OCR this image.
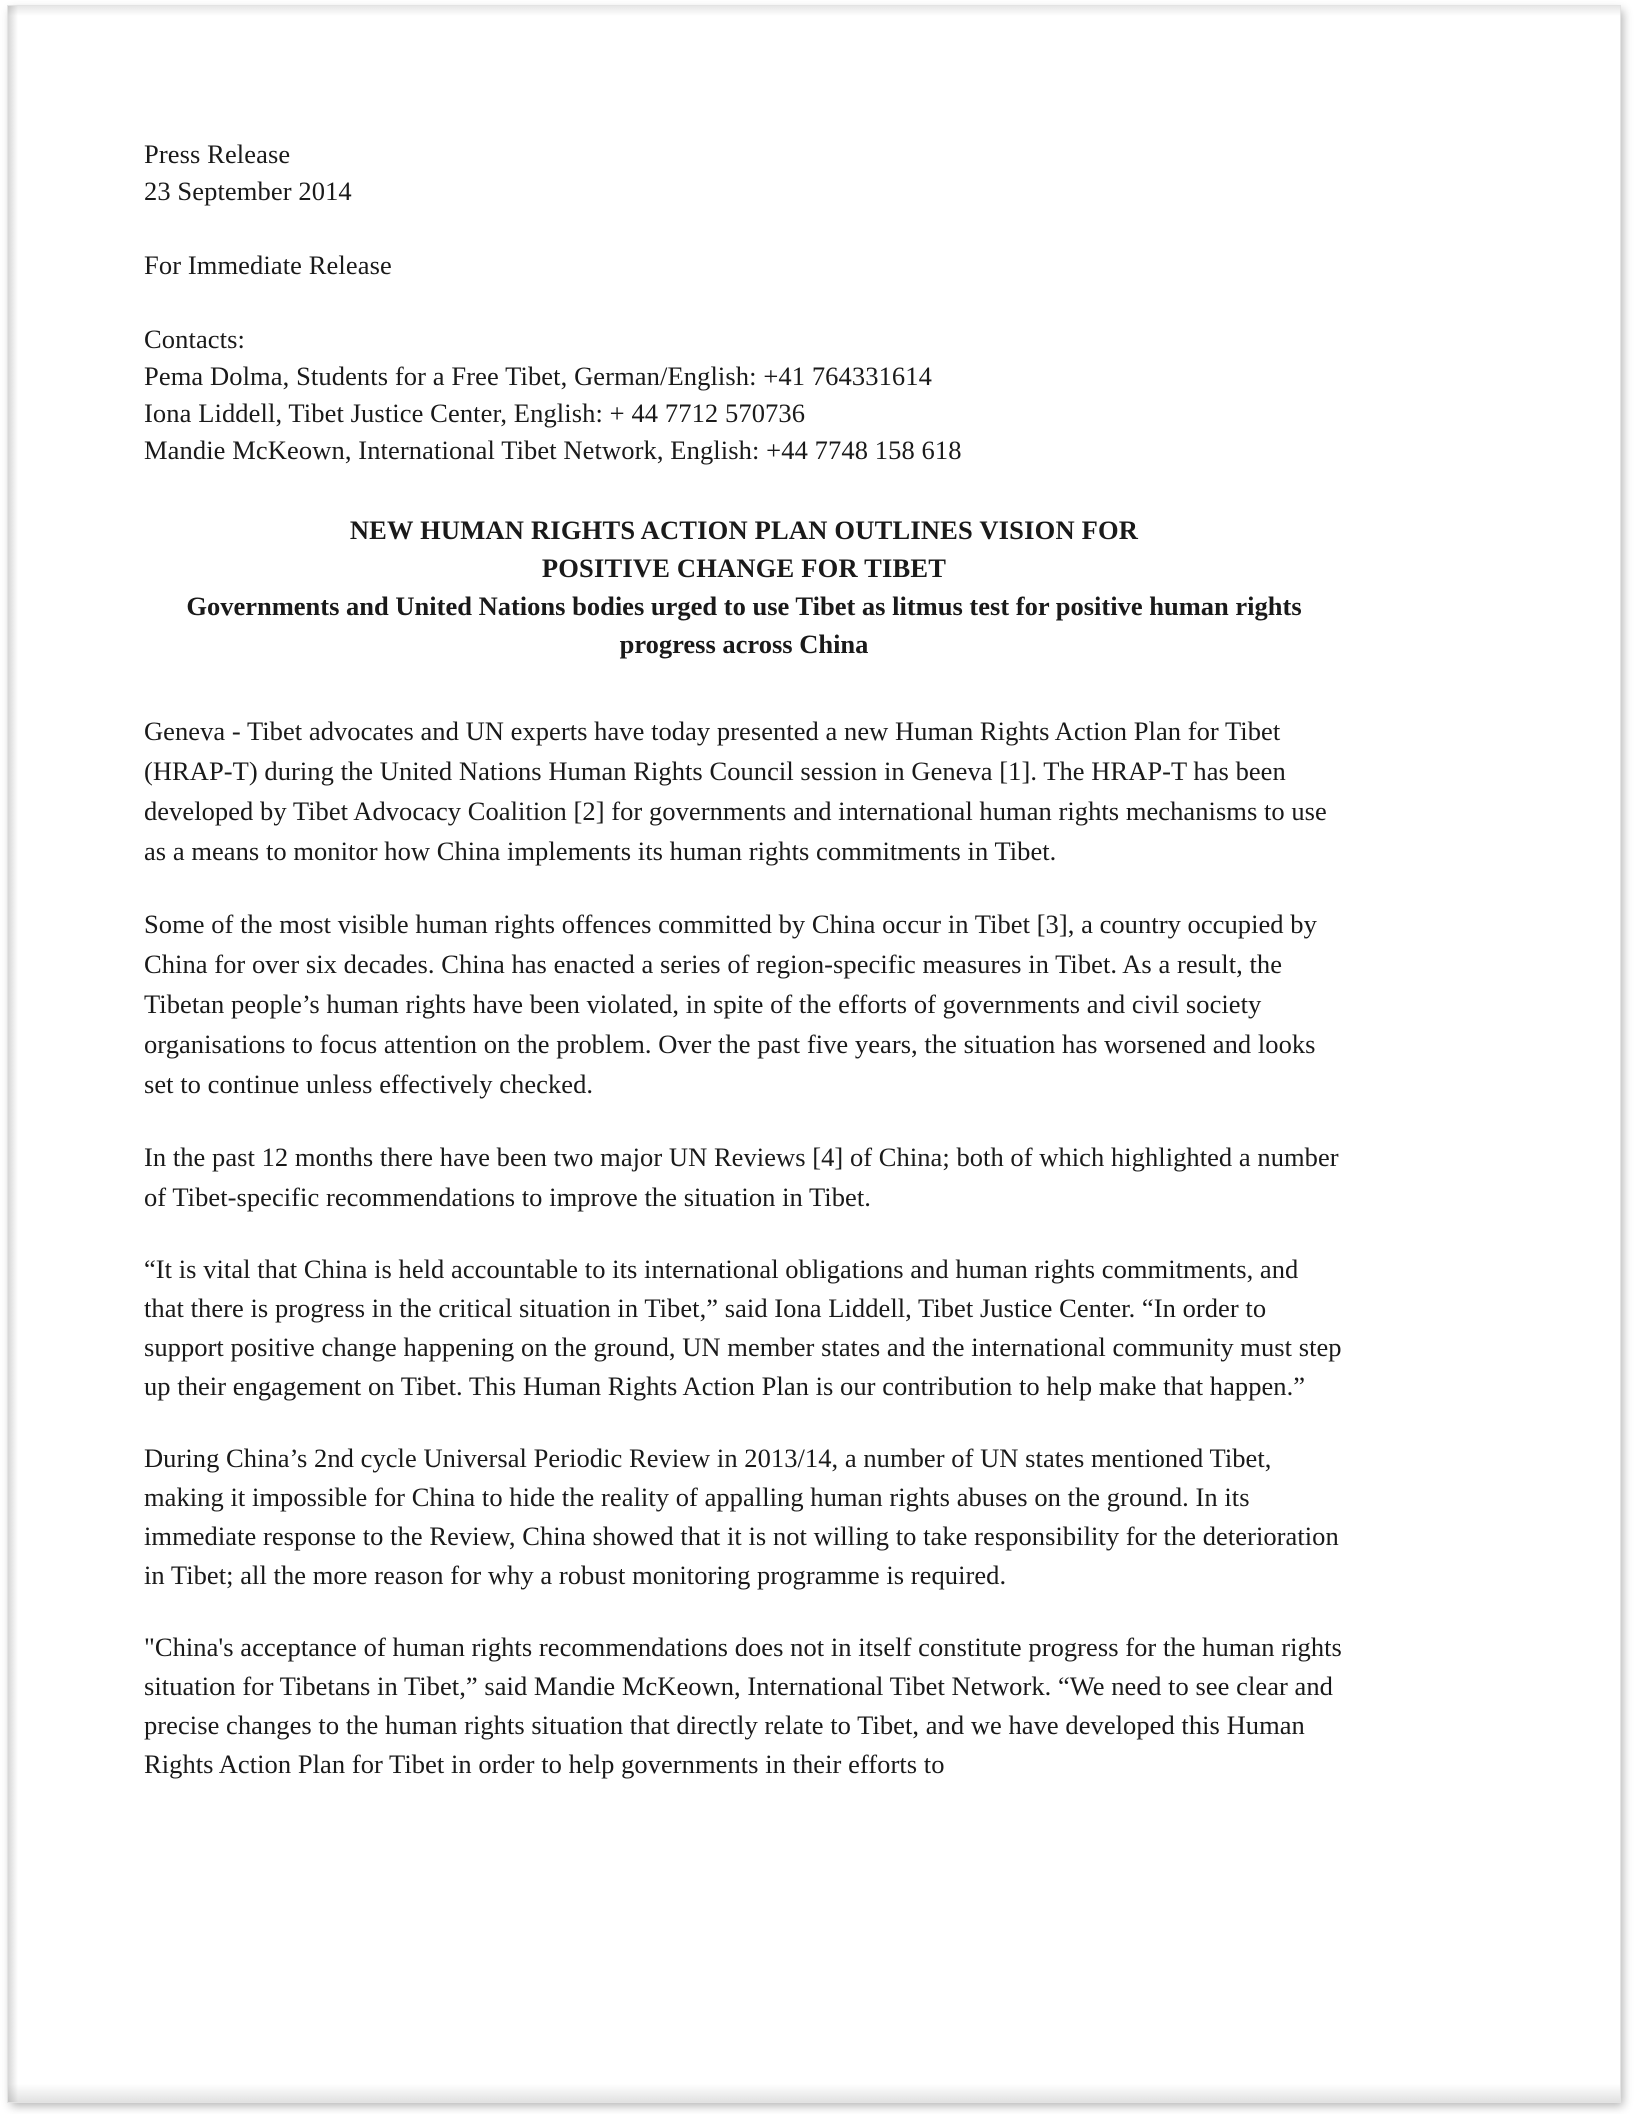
Press Release
23 September 2014
For Immediate Release
Contacts:
Pema Dolma, Students for a Free Tibet, German/English: +41 764331614
Iona Liddell, Tibet Justice Center, English: + 44 7712 570736
Mandie McKeown, International Tibet Network, English: +44 7748 158 618
NEW HUMAN RIGHTS ACTION PLAN OUTLINES VISION FOR
POSITIVE CHANGE FOR TIBET
Governments and United Nations bodies urged to use Tibet as litmus test for positive human rights progress across China

Geneva - Tibet advocates and UN experts have today presented a new Human Rights Action Plan for Tibet (HRAP-T) during the United Nations Human Rights Council session in Geneva [1]. The HRAP-T has been developed by Tibet Advocacy Coalition [2] for governments and international human rights mechanisms to use as a means to monitor how China implements its human rights commitments in Tibet.

Some of the most visible human rights offences committed by China occur in Tibet [3], a country occupied by China for over six decades. China has enacted a series of region-specific measures in Tibet. As a result, the Tibetan people’s human rights have been violated, in spite of the efforts of governments and civil society organisations to focus attention on the problem. Over the past five years, the situation has worsened and looks set to continue unless effectively checked.

In the past 12 months there have been two major UN Reviews [4] of China; both of which highlighted a number of Tibet-specific recommendations to improve the situation in Tibet.

“It is vital that China is held accountable to its international obligations and human rights commitments, and that there is progress in the critical situation in Tibet,” said Iona Liddell, Tibet Justice Center. “In order to support positive change happening on the ground, UN member states and the international community must step up their engagement on Tibet. This Human Rights Action Plan is our contribution to help make that happen.”

During China’s 2nd cycle Universal Periodic Review in 2013/14, a number of UN states mentioned Tibet, making it impossible for China to hide the reality of appalling human rights abuses on the ground. In its immediate response to the Review, China showed that it is not willing to take responsibility for the deterioration in Tibet; all the more reason for why a robust monitoring programme is required.

"China's acceptance of human rights recommendations does not in itself constitute progress for the human rights situation for Tibetans in Tibet,” said Mandie McKeown, International Tibet Network. “We need to see clear and precise changes to the human rights situation that directly relate to Tibet, and we have developed this Human Rights Action Plan for Tibet in order to help governments in their efforts to
